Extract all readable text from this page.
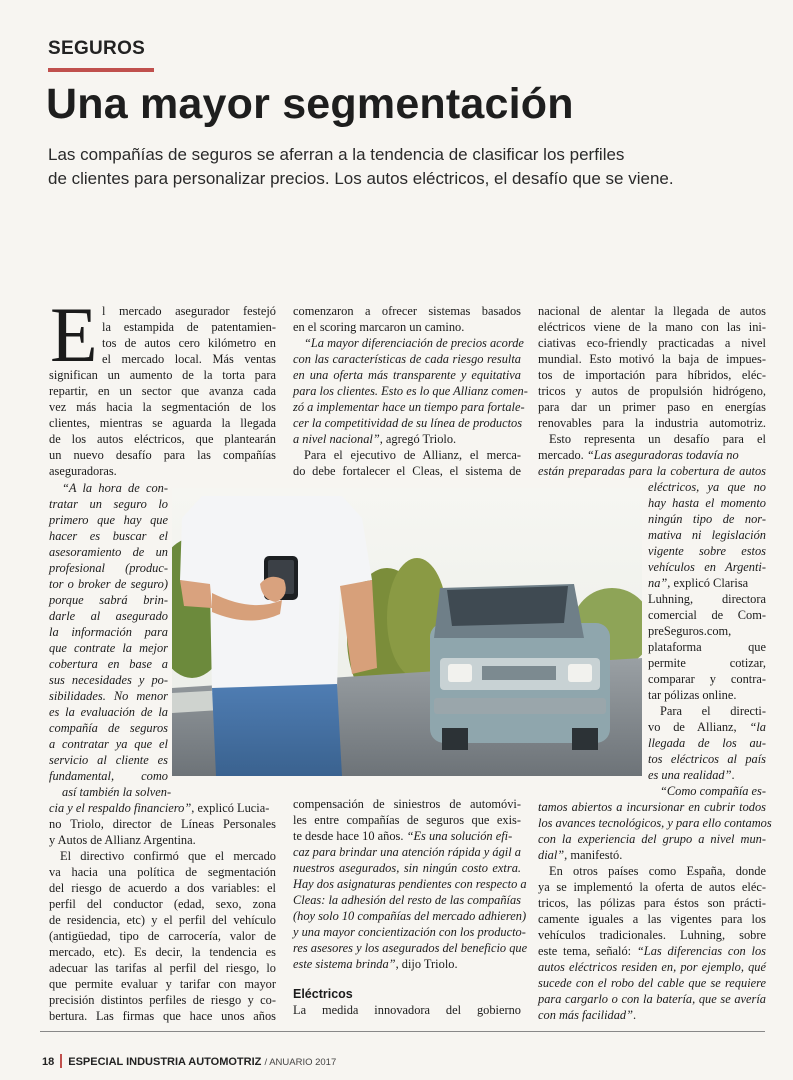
SEGUROS
Una mayor segmentación
Las compañías de seguros se aferran a la tendencia de clasificar los perfiles
de clientes para personalizar precios. Los autos eléctricos, el desafío que se viene.
E l mercado asegurador festejó
la estampida de patentamien-
tos de autos cero kilómetro en
el mercado local. Más ventas
significan un aumento de la torta para
repartir, en un sector que avanza cada
vez más hacia la segmentación de los
clientes, mientras se aguarda la llegada
de los autos eléctricos, que plantearán
un nuevo desafío para las compañías
aseguradoras.
“A la hora de con-
tratar un seguro lo
primero que hay que
hacer es buscar el
asesoramiento de un
profesional (produc-
tor o broker de seguro)
porque sabrá brin-
darle al asegurado
la información para
que contrate la mejor
cobertura en base a
sus necesidades y po-
sibilidades. No menor
es la evaluación de la
compañía de seguros
a contratar ya que el
servicio al cliente es
fundamental, como
así también la solven-
cia y el respaldo financiero”, explicó Lucia-
no Triolo, director de Líneas Personales
y Autos de Allianz Argentina.
El directivo confirmó que el mercado
va hacia una política de segmentación
del riesgo de acuerdo a dos variables: el
perfil del conductor (edad, sexo, zona
de residencia, etc) y el perfil del vehículo
(antigüedad, tipo de carrocería, valor de
mercado, etc). Es decir, la tendencia es
adecuar las tarifas al perfil del riesgo, lo
que permite evaluar y tarifar con mayor
precisión distintos perfiles de riesgo y co-
bertura. Las firmas que hace unos años
comenzaron a ofrecer sistemas basados
en el scoring marcaron un camino.
“La mayor diferenciación de precios acorde
con las características de cada riesgo resulta
en una oferta más transparente y equitativa
para los clientes. Esto es lo que Allianz comen-
zó a implementar hace un tiempo para fortale-
cer la competitividad de su línea de productos
a nivel nacional”, agregó Triolo.
Para el ejecutivo de Allianz, el merca-
do debe fortalecer el Cleas, el sistema de
compensación de siniestros de automóvi-
les entre compañías de seguros que exis-
te desde hace 10 años. “Es una solución efi-
caz para brindar una atención rápida y ágil a
nuestros asegurados, sin ningún costo extra.
Hay dos asignaturas pendientes con respecto a
Cleas: la adhesión del resto de las compañías
(hoy solo 10 compañías del mercado adhieren)
y una mayor concientización con los producto-
res asesores y los asegurados del beneficio que
este sistema brinda”, dijo Triolo.
Eléctricos
La medida innovadora del gobierno
nacional de alentar la llegada de autos
eléctricos viene de la mano con las ini-
ciativas eco-friendly practicadas a nivel
mundial. Esto motivó la baja de impues-
tos de importación para híbridos, eléc-
tricos y autos de propulsión hidrógeno,
para dar un primer paso en energías
renovables para la industria automotriz.
Esto representa un desafío para el
mercado. “Las aseguradoras todavía no
están preparadas para la cobertura de autos
eléctricos, ya que no
hay hasta el momento
ningún tipo de nor-
mativa ni legislación
vigente sobre estos
vehículos en Argenti-
na”, explicó Clarisa
Luhning, directora
comercial de Com-
preSeguros.com,
plataforma que
permite cotizar,
comparar y contra-
tar pólizas online.
Para el directi-
vo de Allianz, “la
llegada de los au-
tos eléctricos al país
es una realidad”.
“Como compañía es-
tamos abiertos a incursionar en cubrir todos
los avances tecnológicos, y para ello contamos
con la experiencia del grupo a nivel mun-
dial”, manifestó.
En otros países como España, donde
ya se implementó la oferta de autos eléc-
tricos, las pólizas para éstos son prácti-
camente iguales a las vigentes para los
vehículos tradicionales. Luhning, sobre
este tema, señaló: “Las diferencias con los
autos eléctricos residen en, por ejemplo, qué
sucede con el robo del cable que se requiere
para cargarlo o con la batería, que se avería
con más facilidad”.
18 ESPECIAL INDUSTRIA AUTOMOTRIZ / ANUARIO 2017
